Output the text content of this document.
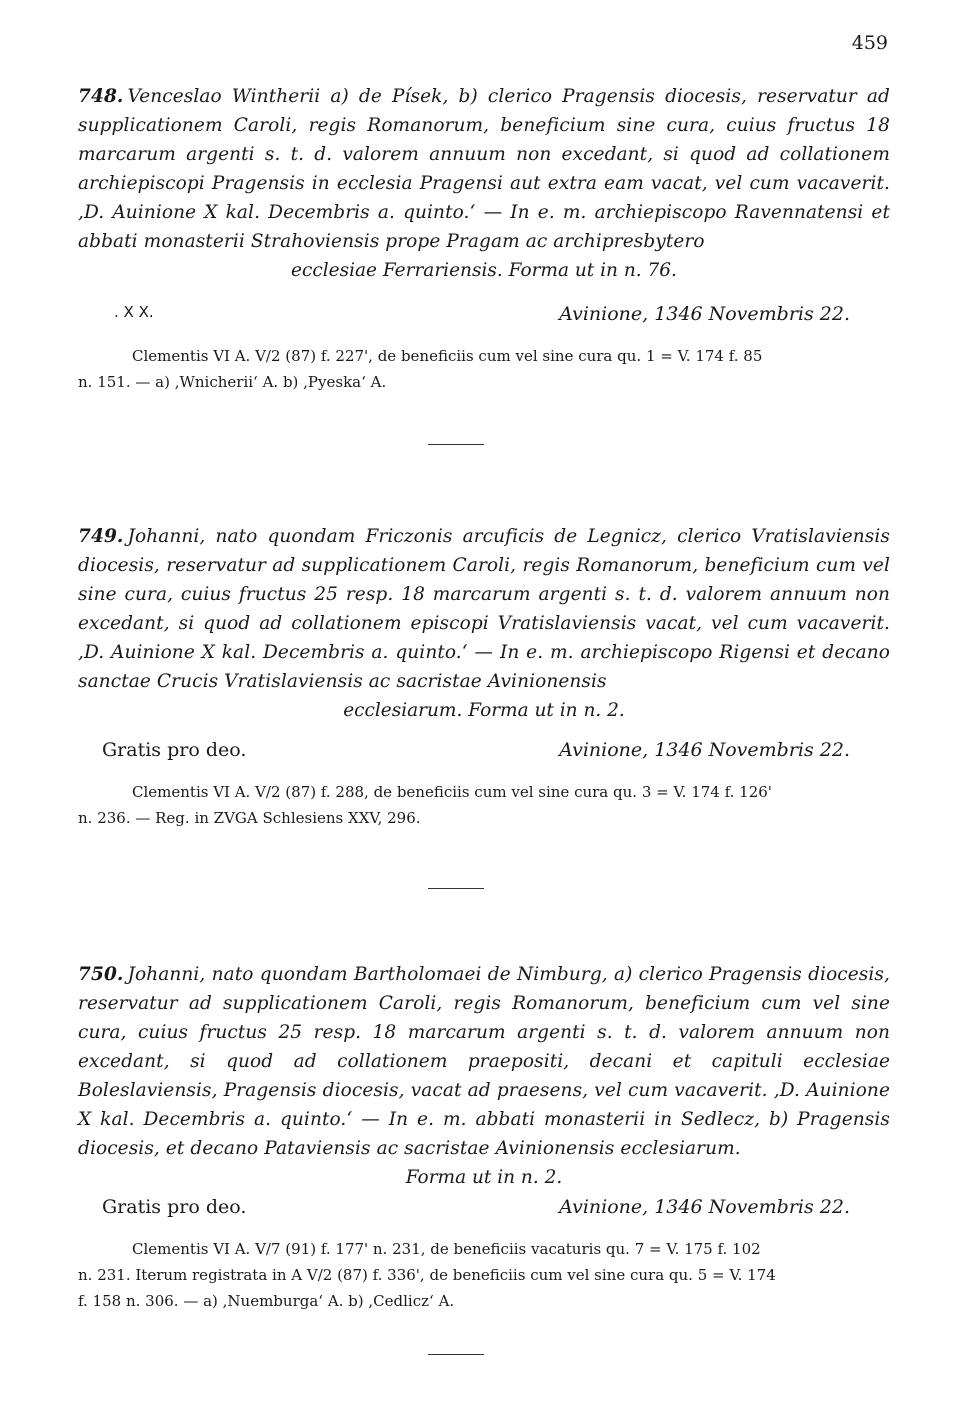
459

748. Venceslao Wintherii a) de Písek, b) clerico Pragensis diocesis, reservatur ad supplicationem Caroli, regis Romanorum, beneficium sine cura, cuius fructus 18 marcarum argenti s. t. d. valorem annuum non excedant, si quod ad collationem archiepiscopi Pragensis in ecclesia Pragensi aut extra eam vacat, vel cum vacaverit. ,D. Auinione X kal. Decembris a. quinto.‘ — In e. m. archiepiscopo Ravennatensi et abbati monasterii Strahoviensis prope Pragam ac archipresbytero

ecclesiae Ferrariensis. Forma ut in n. 76.

. X X.	Avinione, 1346 Novembris 22.

Clementis VI A. V/2 (87) f. 227', de beneficiis cum vel sine cura qu. 1 = V. 174 f. 85

n. 151. — a) ,Wnicherii‘ A. b) ,Pyeska‘ A.

749. Johanni, nato quondam Friczonis arcuficis de Legnicz, clerico Vratislaviensis diocesis, reservatur ad supplicationem Caroli, regis Romanorum, beneficium cum vel sine cura, cuius fructus 25 resp. 18 marcarum argenti s. t. d. valorem annuum non excedant, si quod ad collationem episcopi Vratislaviensis vacat, vel cum vacaverit. ,D. Auinione X kal. Decembris a. quinto.‘ — In e. m. archiepiscopo Rigensi et decano sanctae Crucis Vratislaviensis ac sacristae Avinionensis

ecclesiarum. Forma ut in n. 2.

Gratis pro deo.	Avinione, 1346 Novembris 22.

Clementis VI A. V/2 (87) f. 288, de beneficiis cum vel sine cura qu. 3 = V. 174 f. 126'

n. 236. — Reg. in ZVGA Schlesiens XXV, 296.

750. Johanni, nato quondam Bartholomaei de Nimburg, a) clerico Pragensis diocesis, reservatur ad supplicationem Caroli, regis Romanorum, beneficium cum vel sine cura, cuius fructus 25 resp. 18 marcarum argenti s. t. d. valorem annuum non excedant, si quod ad collationem praepositi, decani et capituli ecclesiae Boleslaviensis, Pragensis diocesis, vacat ad praesens, vel cum vacaverit. ,D. Auinione X kal. Decembris a. quinto.‘ — In e. m. abbati monasterii in Sedlecz, b) Pragensis diocesis, et decano Pataviensis ac sacristae Avinionensis ecclesiarum.

Forma ut in n. 2.

Gratis pro deo.	Avinione, 1346 Novembris 22.

Clementis VI A. V/7 (91) f. 177' n. 231, de beneficiis vacaturis qu. 7 = V. 175 f. 102

n. 231. Iterum registrata in A V/2 (87) f. 336', de beneficiis cum vel sine cura qu. 5 = V. 174

f. 158 n. 306. — a) ,Nuemburga‘ A. b) ,Cedlicz‘ A.
